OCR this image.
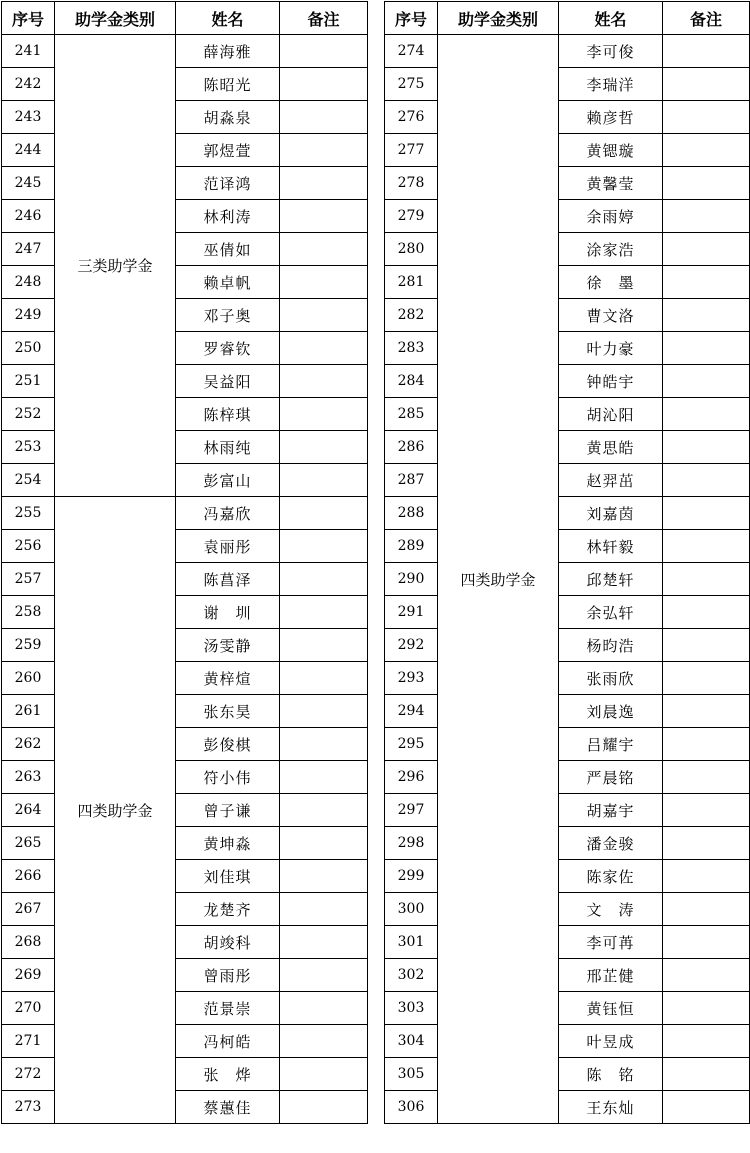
序号	助学金类别	姓名	备注
241	三类助学金	薛海雅	
242		陈昭光	
243		胡淼泉	
244		郭煜萱	
245		范译鸿	
246		林利涛	
247		巫倩如	
248		赖卓帆	
249		邓子奥	
250		罗睿钦	
251		吴益阳	
252		陈梓琪	
253		林雨纯	
254		彭富山	
255	四类助学金	冯嘉欣	
256		袁丽彤	
257		陈菖泽	
258		谢　圳	
259		汤雯静	
260		黄梓煊	
261		张东昊	
262		彭俊棋	
263		符小伟	
264		曾子谦	
265		黄坤淼	
266		刘佳琪	
267		龙楚齐	
268		胡竣科	
269		曾雨彤	
270		范景崇	
271		冯柯皓	
272		张　烨	
273		蔡蕙佳	
序号	助学金类别	姓名	备注
274	四类助学金	李可俊	
275		李瑞洋	
276		赖彦哲	
277		黄锶璇	
278		黄馨莹	
279		余雨婷	
280		涂家浩	
281		徐　墨	
282		曹文洛	
283		叶力豪	
284		钟皓宇	
285		胡沁阳	
286		黄思皓	
287		赵羿茁	
288		刘嘉茵	
289		林轩毅	
290		邱楚轩	
291		余弘轩	
292		杨昀浩	
293		张雨欣	
294		刘晨逸	
295		吕耀宇	
296		严晨铭	
297		胡嘉宇	
298		潘金骏	
299		陈家佐	
300		文　涛	
301		李可苒	
302		邢芷健	
303		黄钰恒	
304		叶昱成	
305		陈　铭	
306		王东灿	
